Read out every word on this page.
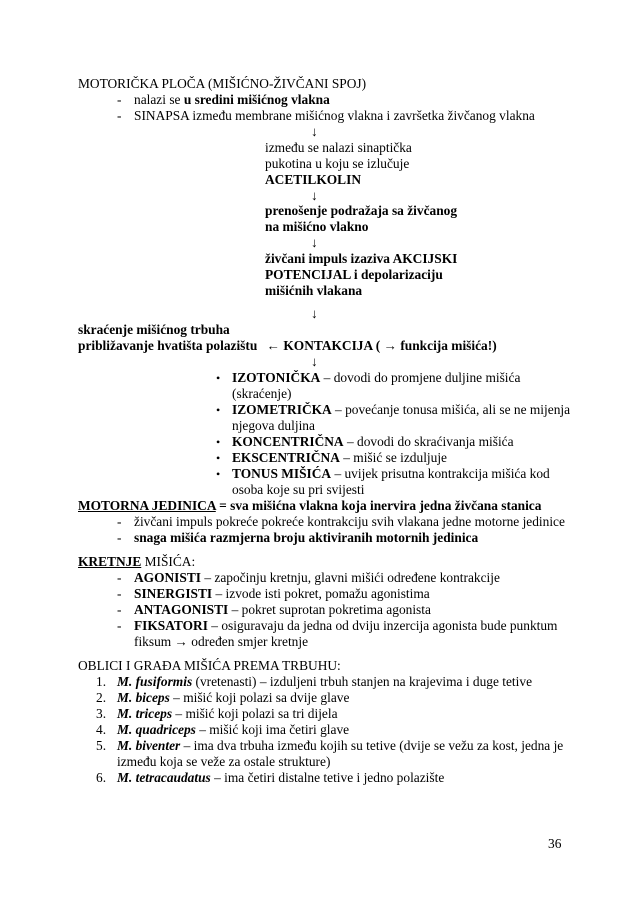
MOTORIČKA PLOČA (MIŠIĆNO-ŽIVČANI SPOJ)
- nalazi se u sredini mišićnog vlakna
- SINAPSA između membrane mišićnog vlakna i završetka živčanog vlakna
↓
između se nalazi sinaptička
pukotina u koju se izlučuje
ACETILKOLIN
↓
prenošenje podražaja sa živčanog
na mišićno vlakno
↓
živčani impuls izaziva AKCIJSKI
POTENCIJAL i depolarizaciju
mišićnih vlakana
↓
skraćenje mišićnog trbuha
približavanje hvatišta polazištu ← KONTAKCIJA ( → funkcija mišića!)
↓
• IZOTONIČKA – dovodi do promjene duljine mišića
(skraćenje)
• IZOMETRIČKA – povećanje tonusa mišića, ali se ne mijenja
njegova duljina
• KONCENTRIČNA – dovodi do skraćivanja mišića
• EKSCENTRIČNA – mišić se izduljuje
• TONUS MIŠIĆA – uvijek prisutna kontrakcija mišića kod
osoba koje su pri svijesti
MOTORNA JEDINICA = sva mišićna vlakna koja inervira jedna živčana stanica
- živčani impuls pokreće pokreće kontrakciju svih vlakana jedne motorne jedinice
- snaga mišića razmjerna broju aktiviranih motornih jedinica
KRETNJE MIŠIĆA:
- AGONISTI – započinju kretnju, glavni mišići određene kontrakcije
- SINERGISTI – izvode isti pokret, pomažu agonistima
- ANTAGONISTI – pokret suprotan pokretima agonista
- FIKSATORI – osiguravaju da jedna od dviju inzercija agonista bude punktum
fiksum → određen smjer kretnje
OBLICI I GRAĐA MIŠIĆA PREMA TRBUHU:
1. M. fusiformis (vretenasti) – izduljeni trbuh stanjen na krajevima i duge tetive
2. M. biceps – mišić koji polazi sa dvije glave
3. M. triceps – mišić koji polazi sa tri dijela
4. M. quadriceps – mišić koji ima četiri glave
5. M. biventer – ima dva trbuha između kojih su tetive (dvije se vežu za kost, jedna je
između koja se veže za ostale strukture)
6. M. tetracaudatus – ima četiri distalne tetive i jedno polazište
36
